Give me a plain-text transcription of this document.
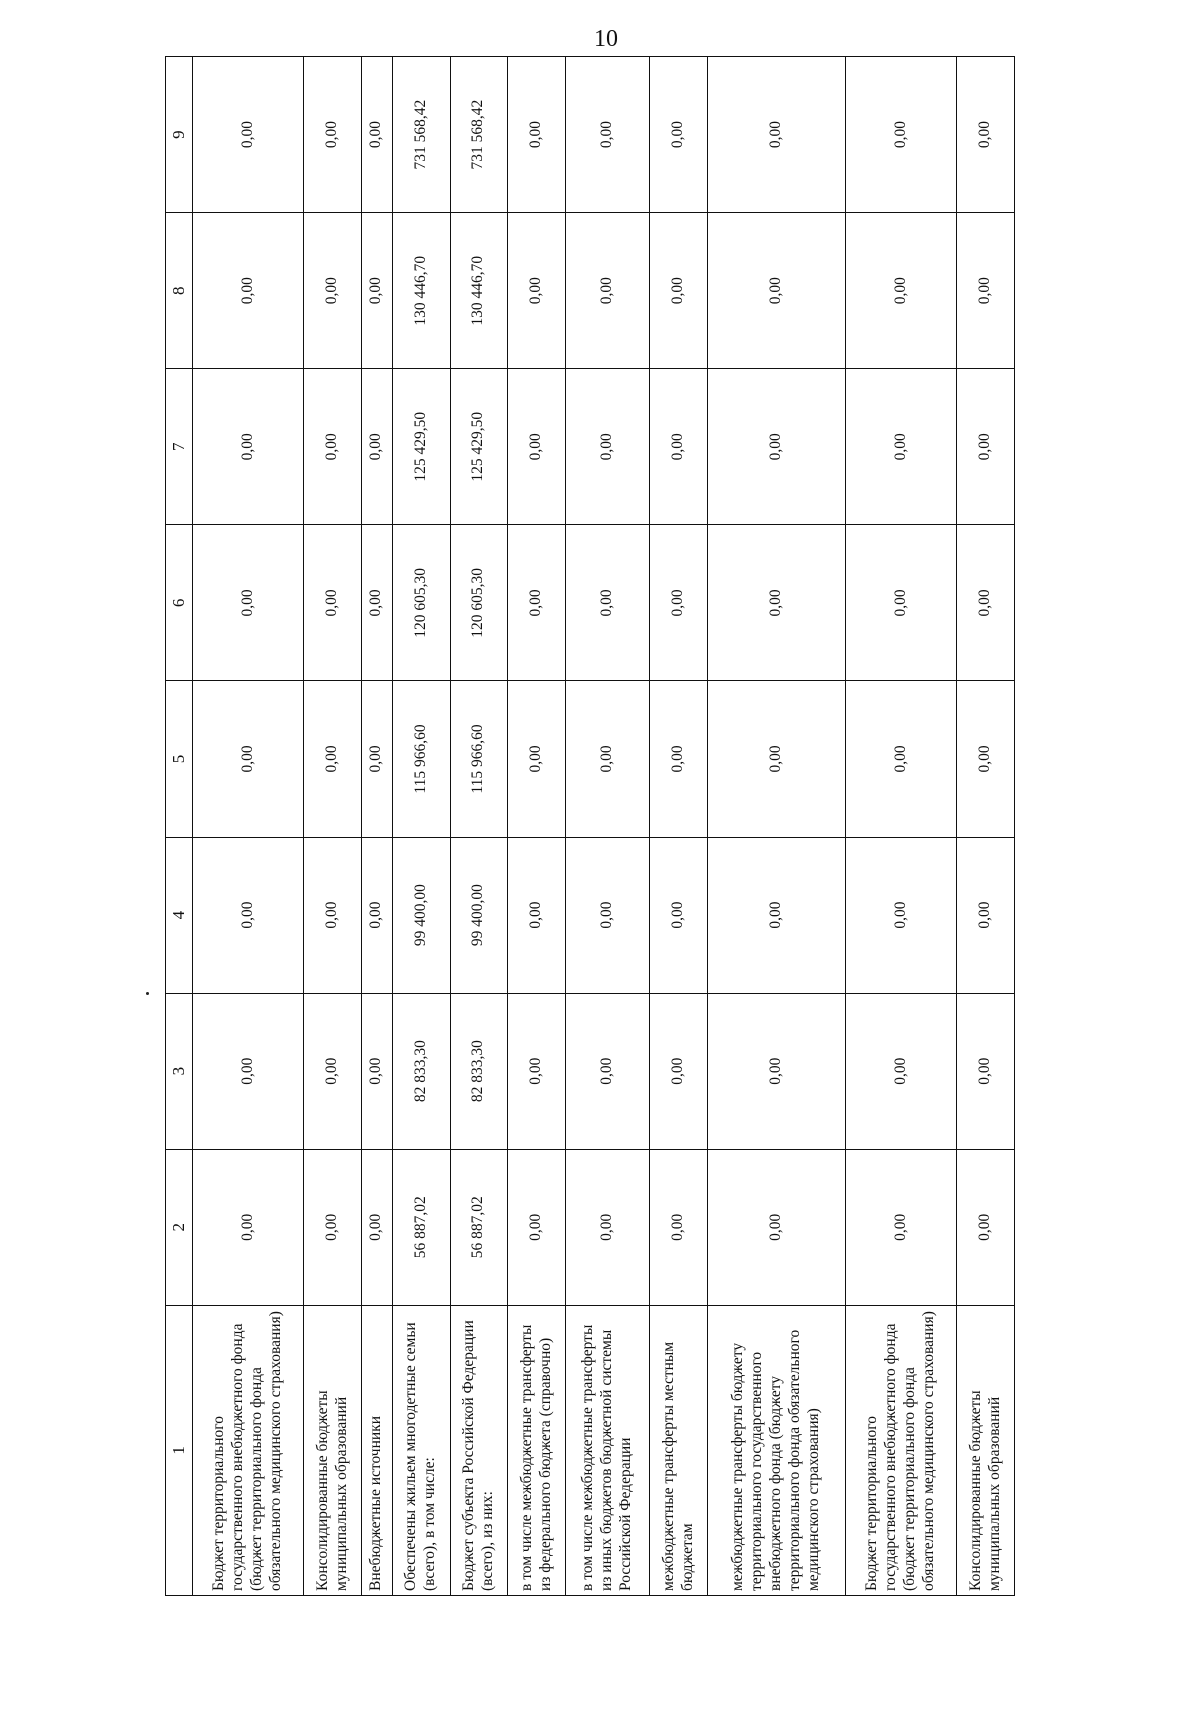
10
1	2	3	4	5	6	7	8	9
Бюджет территориального государственного внебюджетного фонда (бюджет территориального фонда обязательного медицинского страхования)	0,00	0,00	0,00	0,00	0,00	0,00	0,00	0,00
Консолидированные бюджеты муниципальных образований	0,00	0,00	0,00	0,00	0,00	0,00	0,00	0,00
Внебюджетные источники	0,00	0,00	0,00	0,00	0,00	0,00	0,00	0,00
Обеспечены жильем многодетные семьи (всего), в том числе:	56 887,02	82 833,30	99 400,00	115 966,60	120 605,30	125 429,50	130 446,70	731 568,42
Бюджет субъекта Российской Федерации (всего), из них:	56 887,02	82 833,30	99 400,00	115 966,60	120 605,30	125 429,50	130 446,70	731 568,42
в том числе межбюджетные трансферты из федерального бюджета (справочно)	0,00	0,00	0,00	0,00	0,00	0,00	0,00	0,00
в том числе межбюджетные трансферты из иных бюджетов бюджетной системы Российской Федерации	0,00	0,00	0,00	0,00	0,00	0,00	0,00	0,00
межбюджетные трансферты местным бюджетам	0,00	0,00	0,00	0,00	0,00	0,00	0,00	0,00
межбюджетные трансферты бюджету территориального государственного внебюджетного фонда (бюджету территориального фонда обязательного медицинского страхования)	0,00	0,00	0,00	0,00	0,00	0,00	0,00	0,00
Бюджет территориального государственного внебюджетного фонда (бюджет территориального фонда обязательного медицинского страхования)	0,00	0,00	0,00	0,00	0,00	0,00	0,00	0,00
Консолидированные бюджеты муниципальных образований	0,00	0,00	0,00	0,00	0,00	0,00	0,00	0,00
